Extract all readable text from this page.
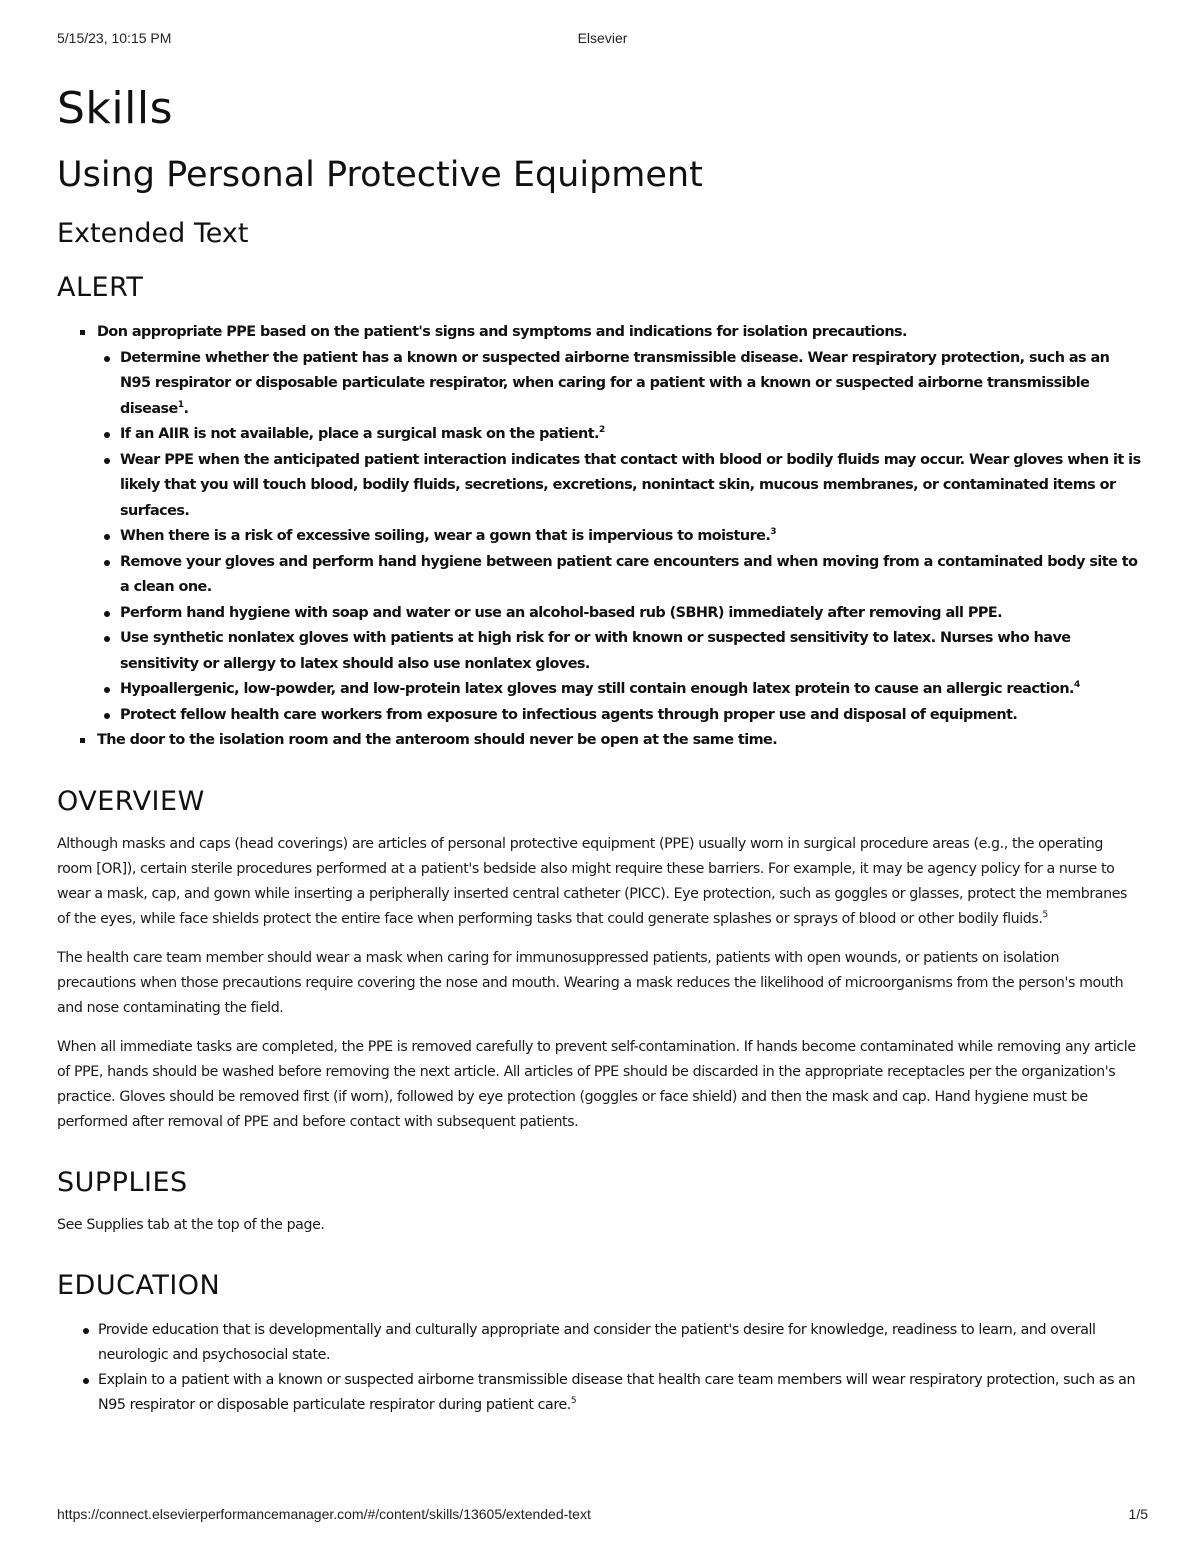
5/15/23, 10:15 PM	Elsevier
Skills
Using Personal Protective Equipment
Extended Text
ALERT
Don appropriate PPE based on the patient's signs and symptoms and indications for isolation precautions.
Determine whether the patient has a known or suspected airborne transmissible disease. Wear respiratory protection, such as an N95 respirator or disposable particulate respirator, when caring for a patient with a known or suspected airborne transmissible disease$^1$.
If an AIIR is not available, place a surgical mask on the patient.$^2$
Wear PPE when the anticipated patient interaction indicates that contact with blood or bodily fluids may occur. Wear gloves when it is likely that you will touch blood, bodily fluids, secretions, excretions, nonintact skin, mucous membranes, or contaminated items or surfaces.
When there is a risk of excessive soiling, wear a gown that is impervious to moisture.$^3$
Remove your gloves and perform hand hygiene between patient care encounters and when moving from a contaminated body site to a clean one.
Perform hand hygiene with soap and water or use an alcohol-based rub (SBHR) immediately after removing all PPE.
Use synthetic nonlatex gloves with patients at high risk for or with known or suspected sensitivity to latex. Nurses who have sensitivity or allergy to latex should also use nonlatex gloves.
Hypoallergenic, low-powder, and low-protein latex gloves may still contain enough latex protein to cause an allergic reaction.$^4$
Protect fellow health care workers from exposure to infectious agents through proper use and disposal of equipment.
The door to the isolation room and the anteroom should never be open at the same time.
OVERVIEW

Although masks and caps (head coverings) are articles of personal protective equipment (PPE) usually worn in surgical procedure areas (e.g., the operating room [OR]), certain sterile procedures performed at a patient's bedside also might require these barriers. For example, it may be agency policy for a nurse to wear a mask, cap, and gown while inserting a peripherally inserted central catheter (PICC). Eye protection, such as goggles or glasses, protect the membranes of the eyes, while face shields protect the entire face when performing tasks that could generate splashes or sprays of blood or other bodily fluids.$^5$

The health care team member should wear a mask when caring for immunosuppressed patients, patients with open wounds, or patients on isolation precautions when those precautions require covering the nose and mouth. Wearing a mask reduces the likelihood of microorganisms from the person's mouth and nose contaminating the field.

When all immediate tasks are completed, the PPE is removed carefully to prevent self-contamination. If hands become contaminated while removing any article of PPE, hands should be washed before removing the next article. All articles of PPE should be discarded in the appropriate receptacles per the organization's practice. Gloves should be removed first (if worn), followed by eye protection (goggles or face shield) and then the mask and cap. Hand hygiene must be performed after removal of PPE and before contact with subsequent patients.

SUPPLIES

See Supplies tab at the top of the page.

EDUCATION
Provide education that is developmentally and culturally appropriate and consider the patient's desire for knowledge, readiness to learn, and overall neurologic and psychosocial state.
Explain to a patient with a known or suspected airborne transmissible disease that health care team members will wear respiratory protection, such as an N95 respirator or disposable particulate respirator during patient care.$^5$
https://connect.elsevierperformancemanager.com/#/content/skills/13605/extended-text	1/5
